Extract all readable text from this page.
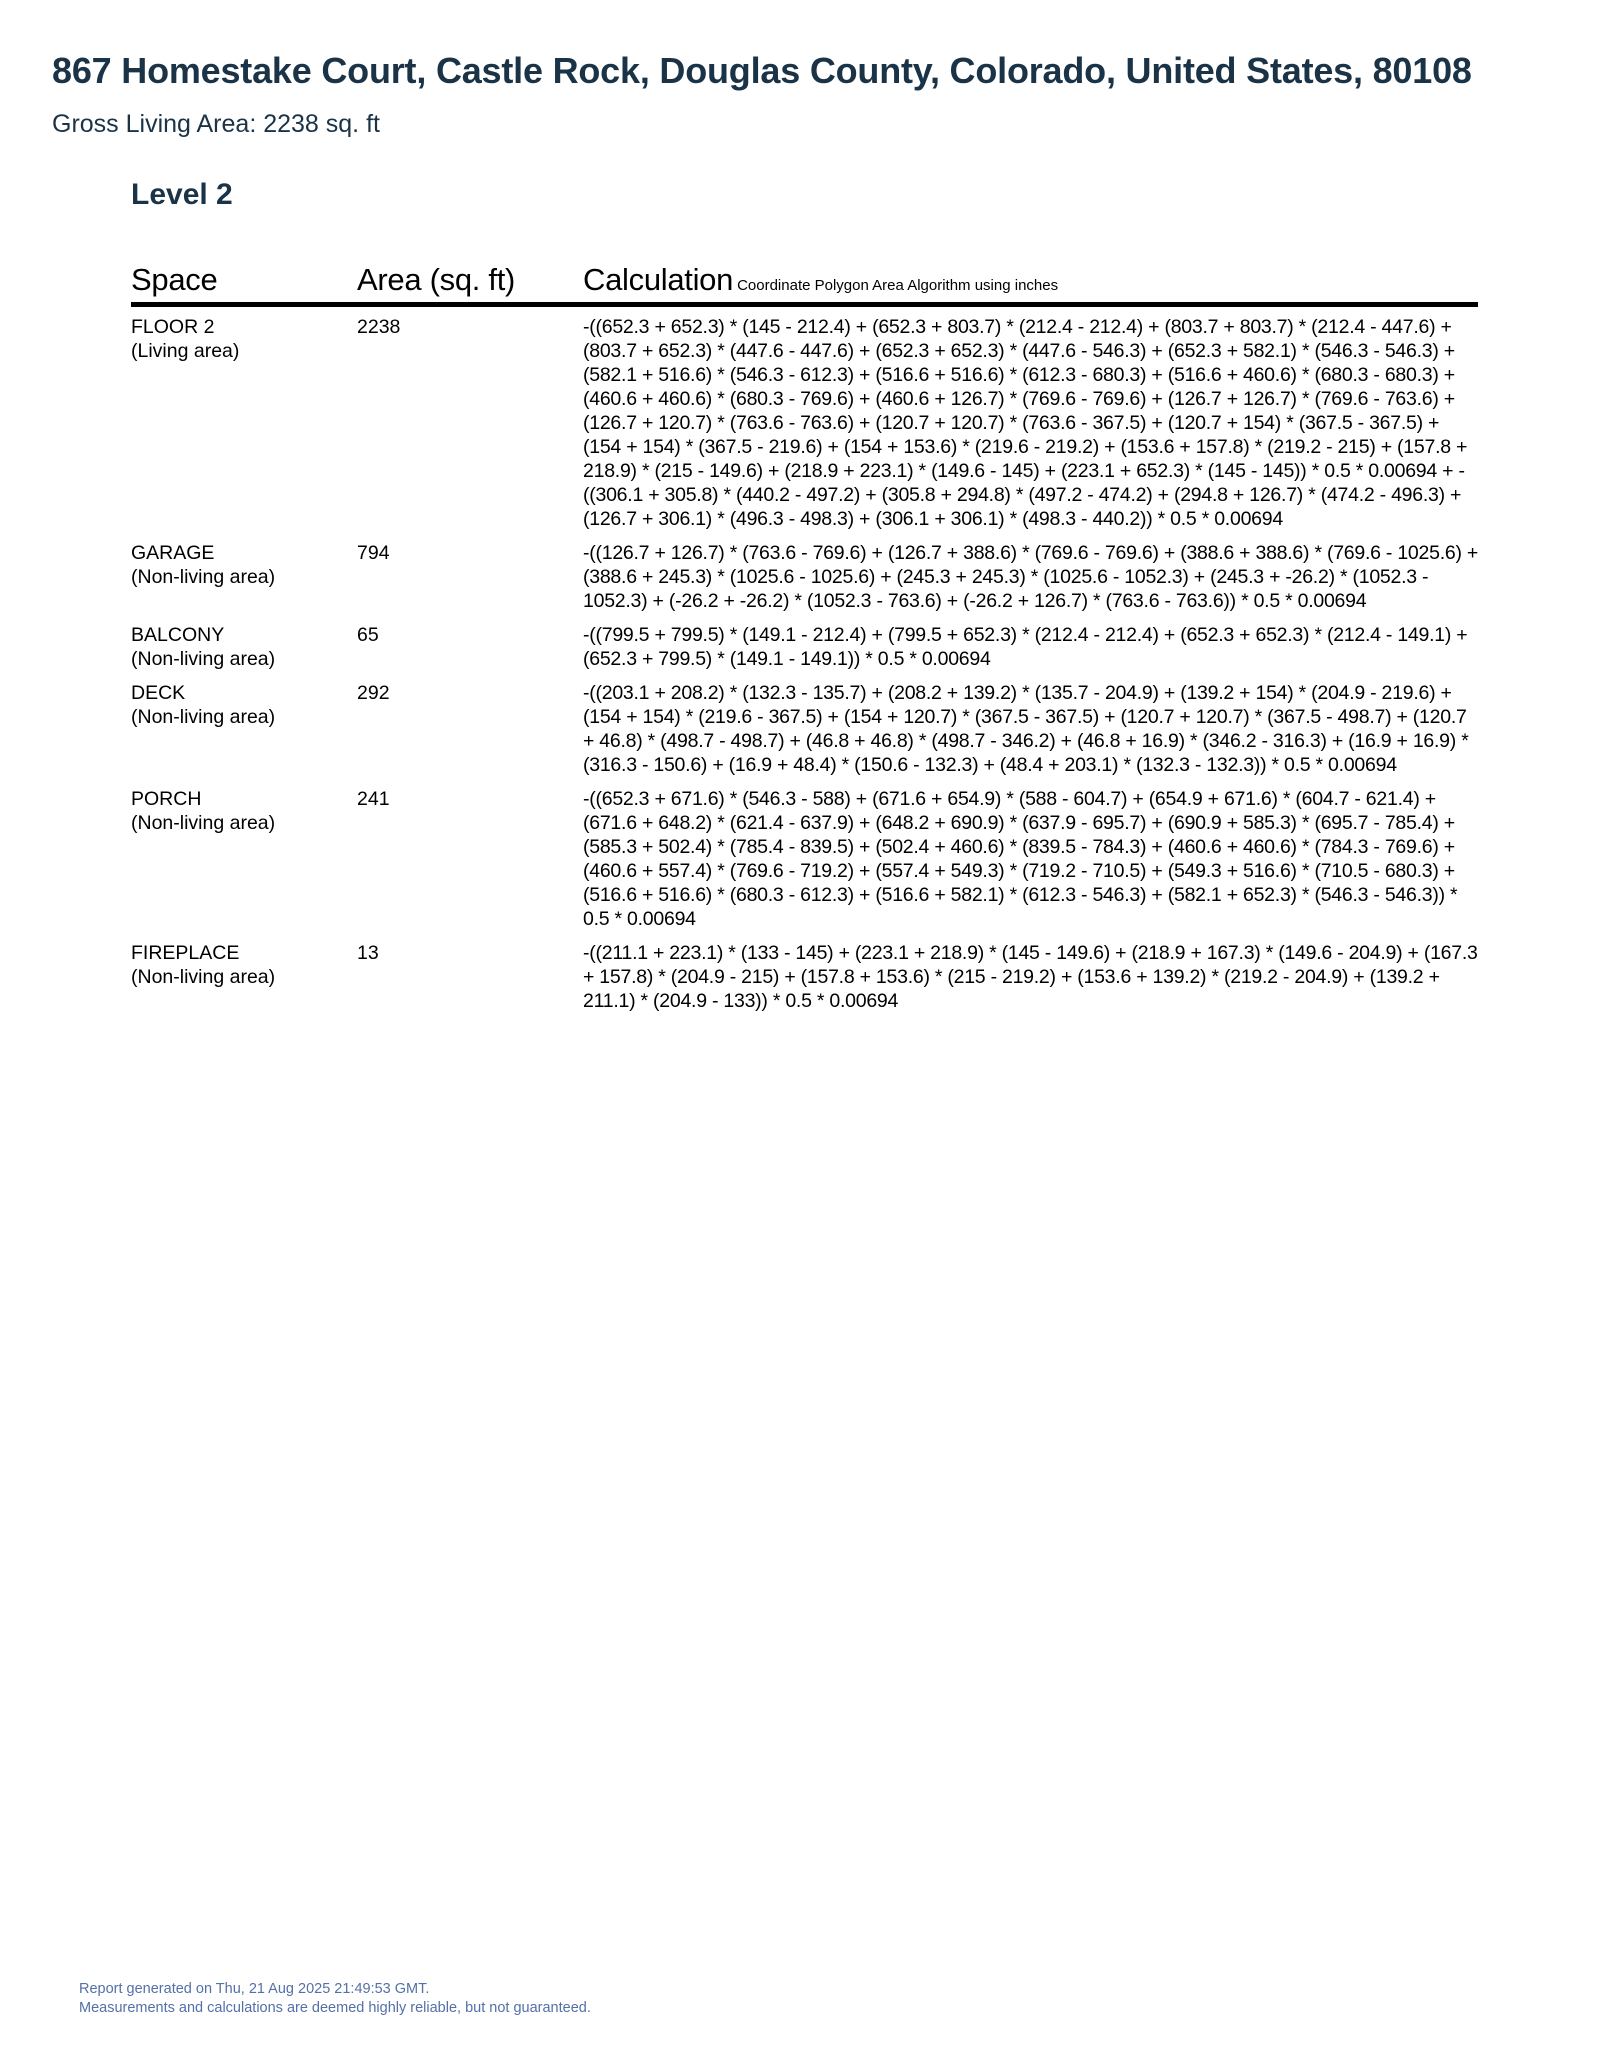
867 Homestake Court, Castle Rock, Douglas County, Colorado, United States, 80108

Gross Living Area: 2238 sq. ft

Level 2
Space	Area (sq. ft)	Calculation Coordinate Polygon Area Algorithm using inches
FLOOR 2
(Living area)	2238	-((652.3 + 652.3) * (145 - 212.4) + (652.3 + 803.7) * (212.4 - 212.4) + (803.7 + 803.7) * (212.4 - 447.6) + (803.7 + 652.3) * (447.6 - 447.6) + (652.3 + 652.3) * (447.6 - 546.3) + (652.3 + 582.1) * (546.3 - 546.3) + (582.1 + 516.6) * (546.3 - 612.3) + (516.6 + 516.6) * (612.3 - 680.3) + (516.6 + 460.6) * (680.3 - 680.3) + (460.6 + 460.6) * (680.3 - 769.6) + (460.6 + 126.7) * (769.6 - 769.6) + (126.7 + 126.7) * (769.6 - 763.6) + (126.7 + 120.7) * (763.6 - 763.6) + (120.7 + 120.7) * (763.6 - 367.5) + (120.7 + 154) * (367.5 - 367.5) + (154 + 154) * (367.5 - 219.6) + (154 + 153.6) * (219.6 - 219.2) + (153.6 + 157.8) * (219.2 - 215) + (157.8 + 218.9) * (215 - 149.6) + (218.9 + 223.1) * (149.6 - 145) + (223.1 + 652.3) * (145 - 145)) * 0.5 * 0.00694 + -((306.1 + 305.8) * (440.2 - 497.2) + (305.8 + 294.8) * (497.2 - 474.2) + (294.8 + 126.7) * (474.2 - 496.3) + (126.7 + 306.1) * (496.3 - 498.3) + (306.1 + 306.1) * (498.3 - 440.2)) * 0.5 * 0.00694
GARAGE
(Non-living area)	794	-((126.7 + 126.7) * (763.6 - 769.6) + (126.7 + 388.6) * (769.6 - 769.6) + (388.6 + 388.6) * (769.6 - 1025.6) + (388.6 + 245.3) * (1025.6 - 1025.6) + (245.3 + 245.3) * (1025.6 - 1052.3) + (245.3 + -26.2) * (1052.3 - 1052.3) + (-26.2 + -26.2) * (1052.3 - 763.6) + (-26.2 + 126.7) * (763.6 - 763.6)) * 0.5 * 0.00694
BALCONY
(Non-living area)	65	-((799.5 + 799.5) * (149.1 - 212.4) + (799.5 + 652.3) * (212.4 - 212.4) + (652.3 + 652.3) * (212.4 - 149.1) + (652.3 + 799.5) * (149.1 - 149.1)) * 0.5 * 0.00694
DECK
(Non-living area)	292	-((203.1 + 208.2) * (132.3 - 135.7) + (208.2 + 139.2) * (135.7 - 204.9) + (139.2 + 154) * (204.9 - 219.6) + (154 + 154) * (219.6 - 367.5) + (154 + 120.7) * (367.5 - 367.5) + (120.7 + 120.7) * (367.5 - 498.7) + (120.7 + 46.8) * (498.7 - 498.7) + (46.8 + 46.8) * (498.7 - 346.2) + (46.8 + 16.9) * (346.2 - 316.3) + (16.9 + 16.9) * (316.3 - 150.6) + (16.9 + 48.4) * (150.6 - 132.3) + (48.4 + 203.1) * (132.3 - 132.3)) * 0.5 * 0.00694
PORCH
(Non-living area)	241	-((652.3 + 671.6) * (546.3 - 588) + (671.6 + 654.9) * (588 - 604.7) + (654.9 + 671.6) * (604.7 - 621.4) + (671.6 + 648.2) * (621.4 - 637.9) + (648.2 + 690.9) * (637.9 - 695.7) + (690.9 + 585.3) * (695.7 - 785.4) + (585.3 + 502.4) * (785.4 - 839.5) + (502.4 + 460.6) * (839.5 - 784.3) + (460.6 + 460.6) * (784.3 - 769.6) + (460.6 + 557.4) * (769.6 - 719.2) + (557.4 + 549.3) * (719.2 - 710.5) + (549.3 + 516.6) * (710.5 - 680.3) + (516.6 + 516.6) * (680.3 - 612.3) + (516.6 + 582.1) * (612.3 - 546.3) + (582.1 + 652.3) * (546.3 - 546.3)) * 0.5 * 0.00694
FIREPLACE
(Non-living area)	13	-((211.1 + 223.1) * (133 - 145) + (223.1 + 218.9) * (145 - 149.6) + (218.9 + 167.3) * (149.6 - 204.9) + (167.3 + 157.8) * (204.9 - 215) + (157.8 + 153.6) * (215 - 219.2) + (153.6 + 139.2) * (219.2 - 204.9) + (139.2 + 211.1) * (204.9 - 133)) * 0.5 * 0.00694
Report generated on Thu, 21 Aug 2025 21:49:53 GMT.
Measurements and calculations are deemed highly reliable, but not guaranteed.
